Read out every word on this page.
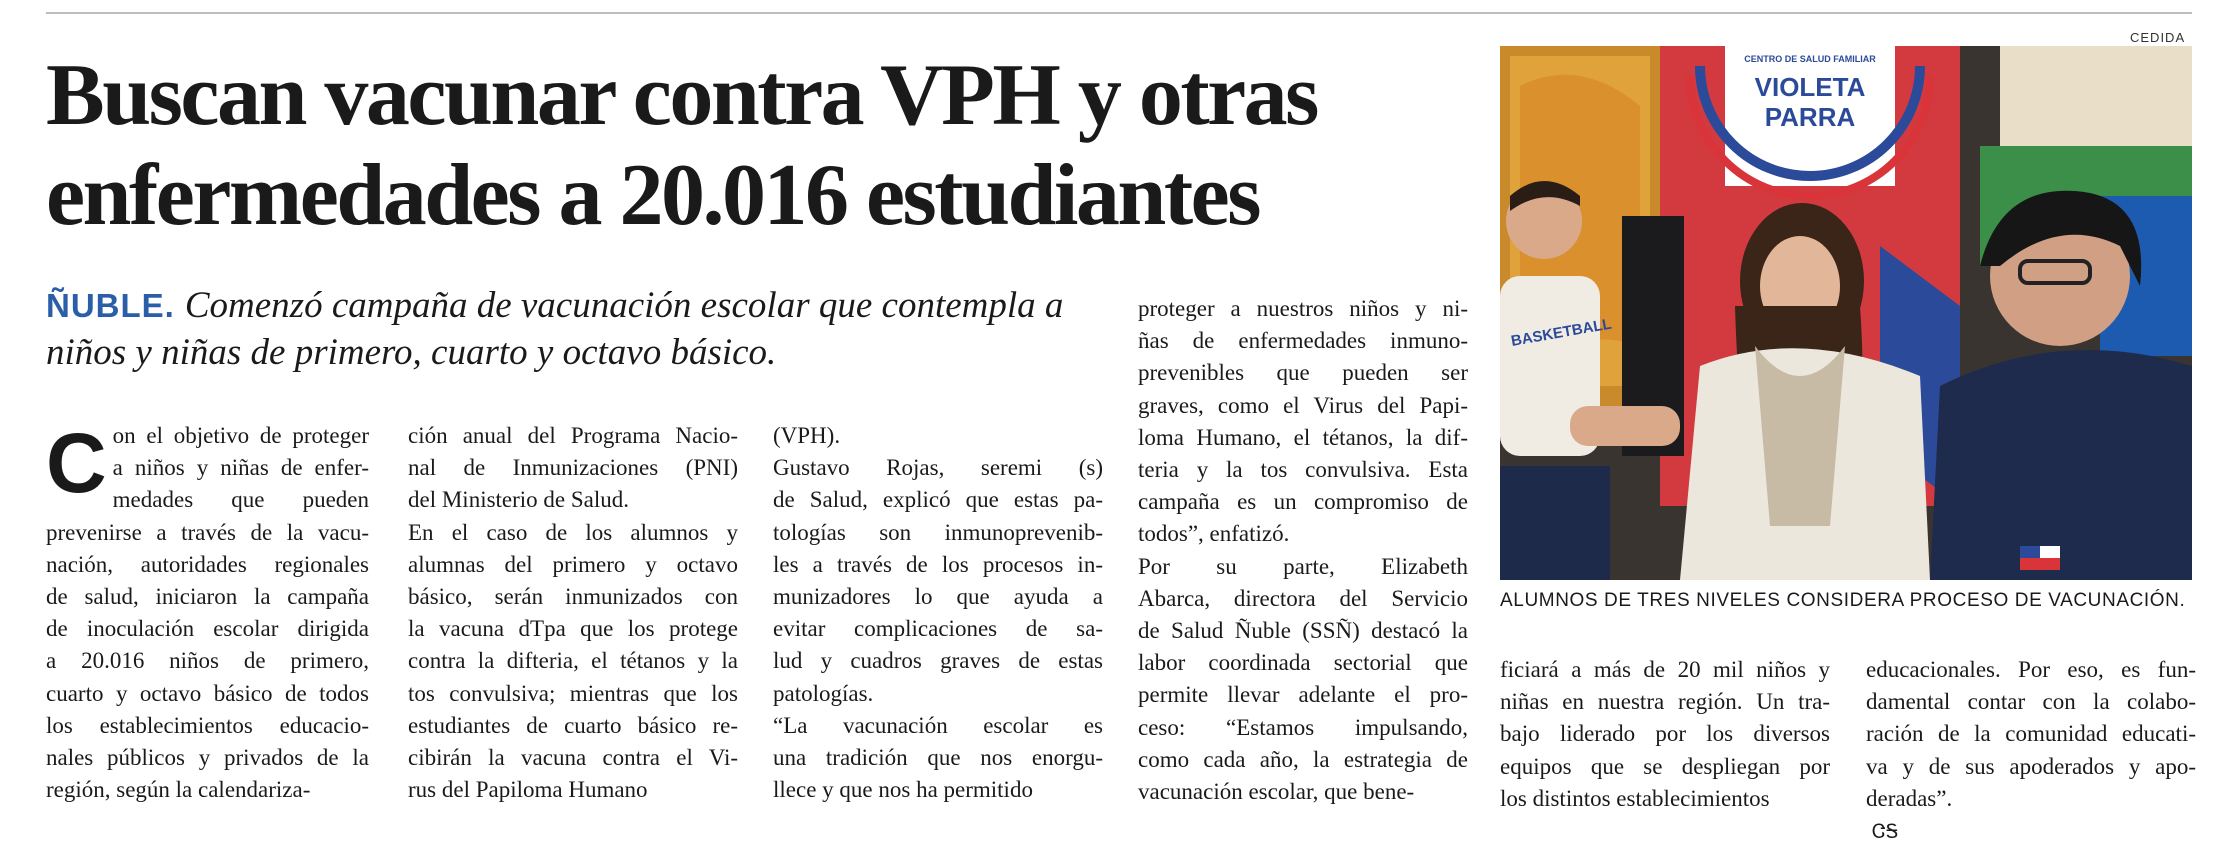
Buscan vacunar contra VPH y otras
enfermedades a 20.016 estudiantes
ÑUBLE. Comenzó campaña de vacunación escolar que contempla a niños y niñas de primero, cuarto y octavo básico.
C on el objetivo de proteger
a niños y niñas de enfer-
medades que pueden
prevenirse a través de la vacu-
nación, autoridades regionales
de salud, iniciaron la campaña
de inoculación escolar dirigida
a 20.016 niños de primero,
cuarto y octavo básico de todos
los establecimientos educacio-
nales públicos y privados de la
región, según la calendariza-
ción anual del Programa Nacio-
nal de Inmunizaciones (PNI)
del Ministerio de Salud.
En el caso de los alumnos y
alumnas del primero y octavo
básico, serán inmunizados con
la vacuna dTpa que los protege
contra la difteria, el tétanos y la
tos convulsiva; mientras que los
estudiantes de cuarto básico re-
cibirán la vacuna contra el Vi-
rus del Papiloma Humano
(VPH).
Gustavo Rojas, seremi (s)
de Salud, explicó que estas pa-
tologías son inmunoprevenib-
les a través de los procesos in-
munizadores lo que ayuda a
evitar complicaciones de sa-
lud y cuadros graves de estas
patologías.
“La vacunación escolar es
una tradición que nos enorgu-
llece y que nos ha permitido
proteger a nuestros niños y ni-
ñas de enfermedades inmuno-
prevenibles que pueden ser
graves, como el Virus del Papi-
loma Humano, el tétanos, la dif-
teria y la tos convulsiva. Esta
campaña es un compromiso de
todos”, enfatizó.
Por su parte, Elizabeth
Abarca, directora del Servicio
de Salud Ñuble (SSÑ) destacó la
labor coordinada sectorial que
permite llevar adelante el pro-
ceso: “Estamos impulsando,
como cada año, la estrategia de
vacunación escolar, que bene-
ficiará a más de 20 mil niños y
niñas en nuestra región. Un tra-
bajo liderado por los diversos
equipos que se despliegan por
los distintos establecimientos
educacionales. Por eso, es fun-
damental contar con la colabo-
ración de la comunidad educati-
va y de sus apoderados y apo-
deradas”.
ᏣᎦ
CEDIDA
CENTRO DE SALUD FAMILIAR
VIOLETA
PARRA
BASKETBALL
ALUMNOS DE TRES NIVELES CONSIDERA PROCESO DE VACUNACIÓN.
